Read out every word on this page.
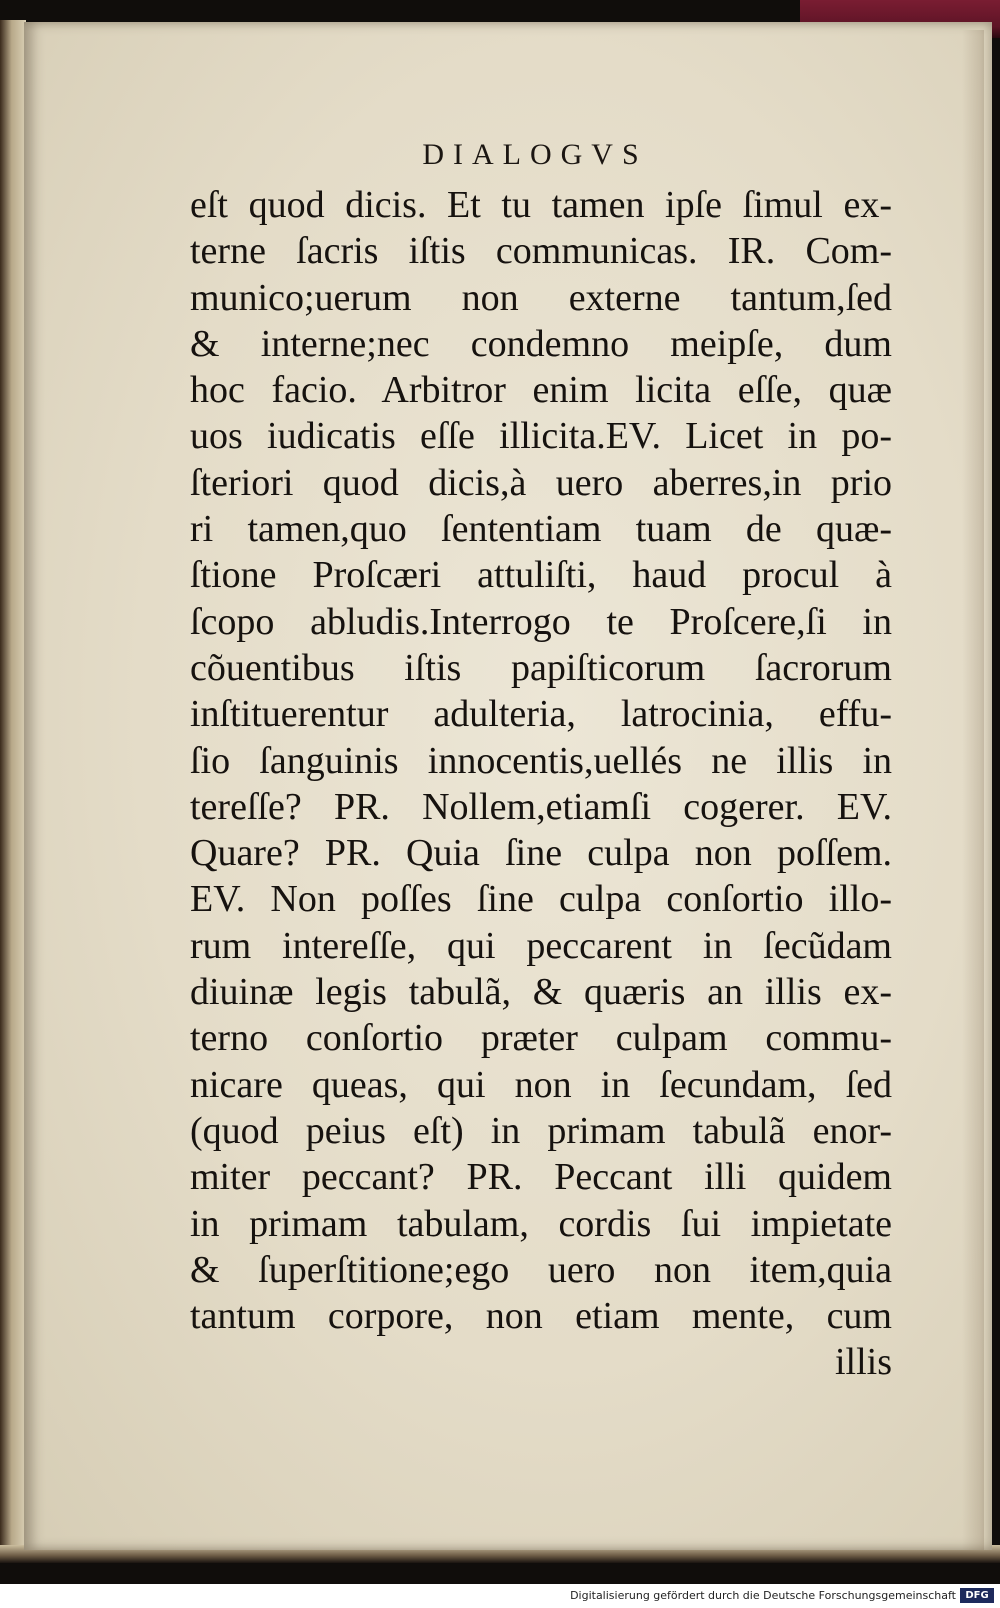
DIALOGVS
eſt quod dicis. Et tu tamen ipſe ſimul ex-
terne ſacris iſtis communicas. IR. Com-
munico;uerum non externe tantum,ſed
& interne;nec condemno meipſe, dum
hoc facio. Arbitror enim licita eſſe, quæ
uos iudicatis eſſe illicita.EV. Licet in po-
ſteriori quod dicis,à uero aberres,in prio
ri tamen,quo ſententiam tuam de quæ-
ſtione Proſcæri attuliſti, haud procul à
ſcopo abludis.Interrogo te Proſcere,ſi in
cõuentibus iſtis papiſticorum ſacrorum
inſtituerentur adulteria, latrocinia, effu-
ſio ſanguinis innocentis,uellés ne illis in
tereſſe? PR. Nollem,etiamſi cogerer. EV.
Quare? PR. Quia ſine culpa non poſſem.
EV. Non poſſes ſine culpa conſortio illo-
rum intereſſe, qui peccarent in ſecũdam
diuinæ legis tabulã, & quæris an illis ex-
terno conſortio præter culpam commu-
nicare queas, qui non in ſecundam, ſed
(quod peius eſt) in primam tabulã enor-
miter peccant? PR. Peccant illi quidem
in primam tabulam, cordis ſui impietate
& ſuperſtitione;ego uero non item,quia
tantum corpore, non etiam mente, cum
illis
Digitalisierung gefördert durch die Deutsche Forschungsgemeinschaft DFG
